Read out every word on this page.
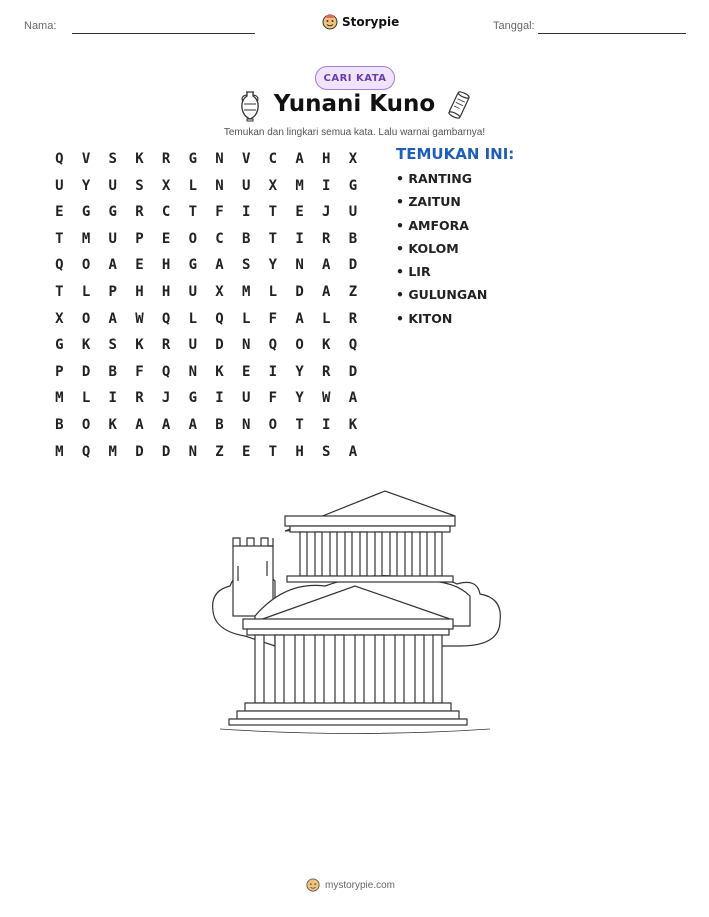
Nama:	Storypie	Tanggal:
CARI KATA
Yunani Kuno
Temukan dan lingkari semua kata. Lalu warnai gambarnya!
Q	V	S	K	R	G	N	V	C	A	H	X
U	Y	U	S	X	L	N	U	X	M	I	G
E	G	G	R	C	T	F	I	T	E	J	U
T	M	U	P	E	O	C	B	T	I	R	B
Q	O	A	E	H	G	A	S	Y	N	A	D
T	L	P	H	H	U	X	M	L	D	A	Z
X	O	A	W	Q	L	Q	L	F	A	L	R
G	K	S	K	R	U	D	N	Q	O	K	Q
P	D	B	F	Q	N	K	E	I	Y	R	D
M	L	I	R	J	G	I	U	F	Y	W	A
B	O	K	A	A	A	B	N	O	T	I	K
M	Q	M	D	D	N	Z	E	T	H	S	A
TEMUKAN INI:
• RANTING
• ZAITUN
• AMFORA
• KOLOM
• LIR
• GULUNGAN
• KITON
mystorypie.com
